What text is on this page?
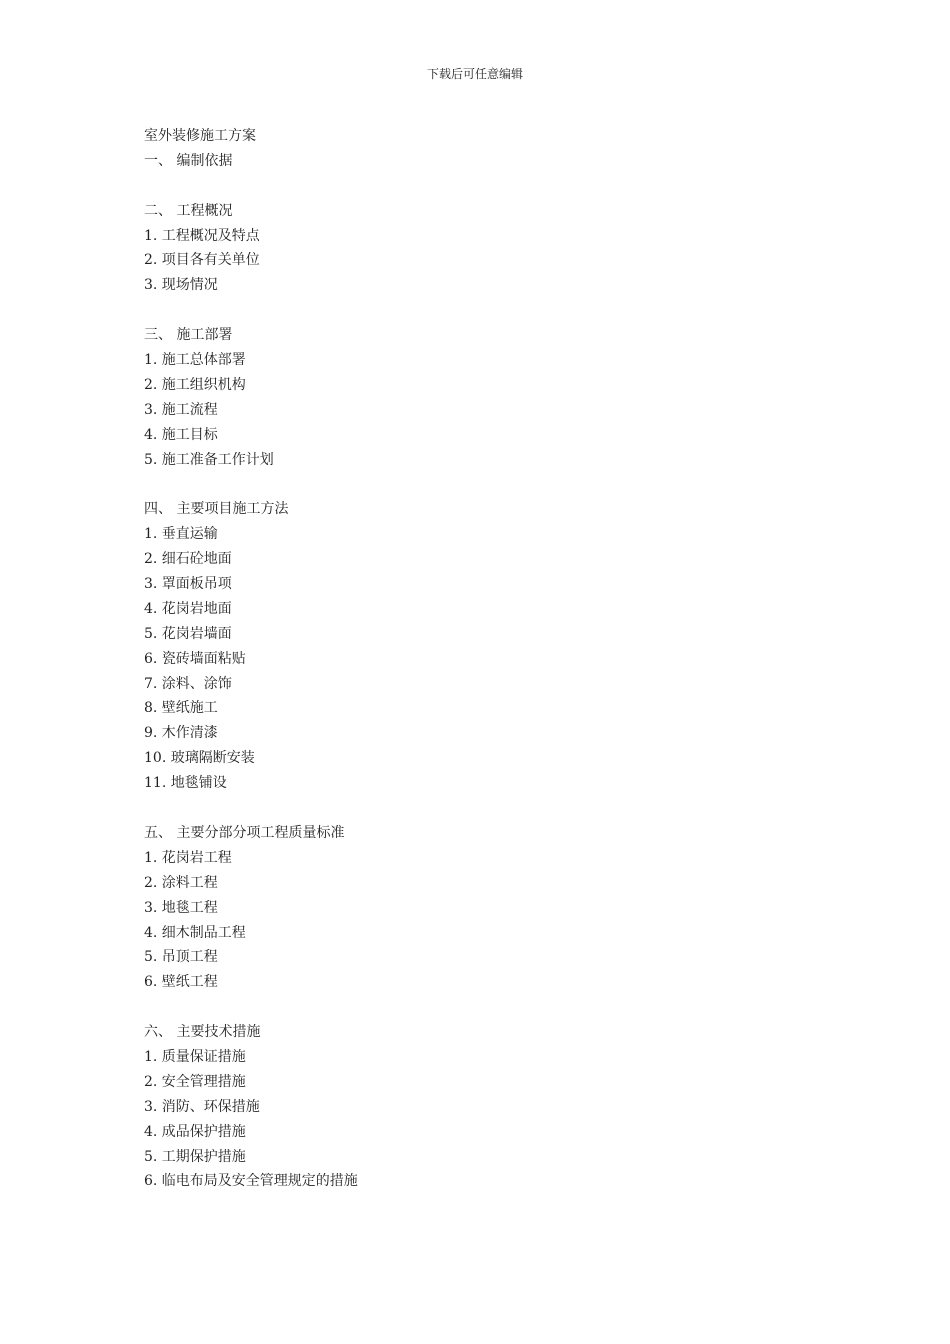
下载后可任意编辑
室外装修施工方案
一、 编制依据
二、 工程概况
1. 工程概况及特点
2. 项目各有关单位
3. 现场情况
三、 施工部署
1. 施工总体部署
2. 施工组织机构
3. 施工流程
4. 施工目标
5. 施工准备工作计划
四、 主要项目施工方法
1. 垂直运输
2. 细石砼地面
3. 罩面板吊项
4. 花岗岩地面
5. 花岗岩墙面
6. 瓷砖墙面粘贴
7. 涂料、涂饰
8. 壁纸施工
9. 木作清漆
10. 玻璃隔断安装
11. 地毯铺设
五、 主要分部分项工程质量标准
1. 花岗岩工程
2. 涂料工程
3. 地毯工程
4. 细木制品工程
5. 吊顶工程
6. 壁纸工程
六、 主要技术措施
1. 质量保证措施
2. 安全管理措施
3. 消防、环保措施
4. 成品保护措施
5. 工期保护措施
6. 临电布局及安全管理规定的措施
